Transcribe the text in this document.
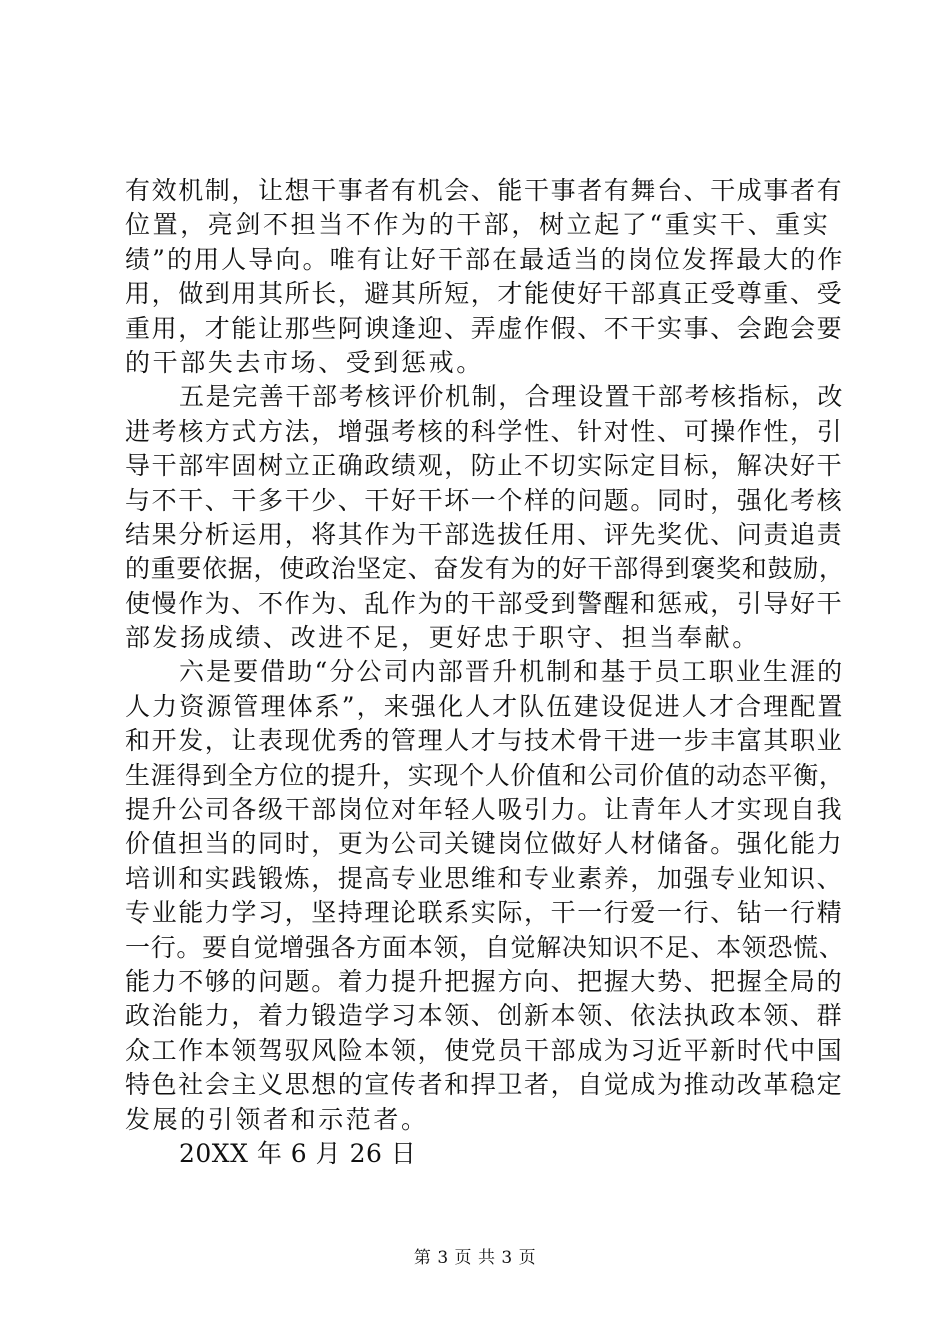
有效机制，让想干事者有机会、能干事者有舞台、干成事者有
位置，亮剑不担当不作为的干部，树立起了“重实干、重实
绩”的用人导向。唯有让好干部在最适当的岗位发挥最大的作
用，做到用其所长，避其所短，才能使好干部真正受尊重、受
重用，才能让那些阿谀逢迎、弄虚作假、不干实事、会跑会要
的干部失去市场、受到惩戒。
五是完善干部考核评价机制，合理设置干部考核指标，改
进考核方式方法，增强考核的科学性、针对性、可操作性，引
导干部牢固树立正确政绩观，防止不切实际定目标，解决好干
与不干、干多干少、干好干坏一个样的问题。同时，强化考核
结果分析运用，将其作为干部选拔任用、评先奖优、问责追责
的重要依据，使政治坚定、奋发有为的好干部得到褒奖和鼓励，
使慢作为、不作为、乱作为的干部受到警醒和惩戒，引导好干
部发扬成绩、改进不足，更好忠于职守、担当奉献。
六是要借助“分公司内部晋升机制和基于员工职业生涯的
人力资源管理体系”，来强化人才队伍建设促进人才合理配置
和开发，让表现优秀的管理人才与技术骨干进一步丰富其职业
生涯得到全方位的提升，实现个人价值和公司价值的动态平衡，
提升公司各级干部岗位对年轻人吸引力。让青年人才实现自我
价值担当的同时，更为公司关键岗位做好人材储备。强化能力
培训和实践锻炼，提高专业思维和专业素养，加强专业知识、
专业能力学习，坚持理论联系实际，干一行爱一行、钻一行精
一行。要自觉增强各方面本领，自觉解决知识不足、本领恐慌、
能力不够的问题。着力提升把握方向、把握大势、把握全局的
政治能力，着力锻造学习本领、创新本领、依法执政本领、群
众工作本领驾驭风险本领，使党员干部成为习近平新时代中国
特色社会主义思想的宣传者和捍卫者，自觉成为推动改革稳定
发展的引领者和示范者。
20XX 年 6 月 26 日
第 3 页 共 3 页
